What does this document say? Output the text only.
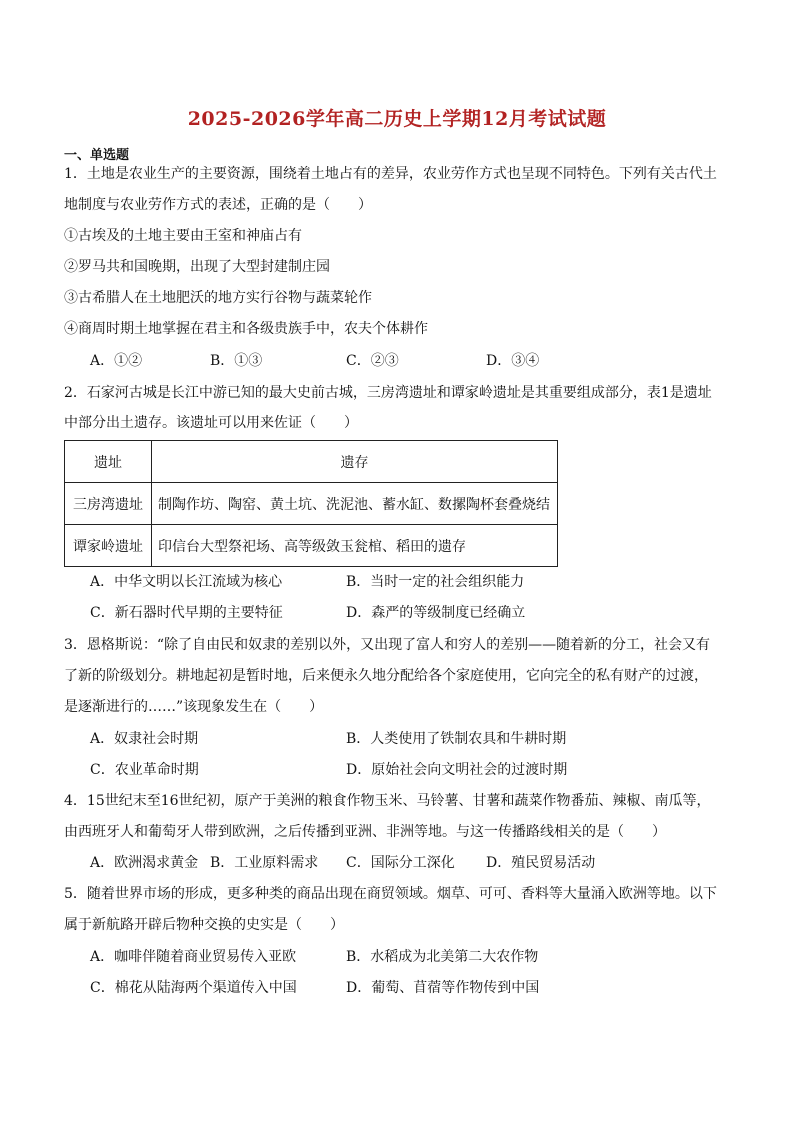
2025-2026学年高二历史上学期12月考试试题
一、单选题
1．土地是农业生产的主要资源，围绕着土地占有的差异，农业劳作方式也呈现不同特色。下列有关古代土
地制度与农业劳作方式的表述，正确的是（　　）
①古埃及的土地主要由王室和神庙占有
②罗马共和国晚期，出现了大型封建制庄园
③古希腊人在土地肥沃的地方实行谷物与蔬菜轮作
④商周时期土地掌握在君主和各级贵族手中，农夫个体耕作
A．①②	B．①③	C．②③	D．③④
2．石家河古城是长江中游已知的最大史前古城，三房湾遗址和谭家岭遗址是其重要组成部分，表1是遗址
中部分出土遗存。该遗址可以用来佐证（　　）
遗址	遗存
三房湾遗址	制陶作坊、陶窑、黄土坑、洗泥池、蓄水缸、数摞陶杯套叠烧结
谭家岭遗址	印信台大型祭祀场、高等级敛玉瓮棺、稻田的遗存
A．中华文明以长江流域为核心	B．当时一定的社会组织能力
C．新石器时代早期的主要特征	D．森严的等级制度已经确立
3．恩格斯说：“除了自由民和奴隶的差别以外，又出现了富人和穷人的差别——随着新的分工，社会又有
了新的阶级划分。耕地起初是暂时地，后来便永久地分配给各个家庭使用，它向完全的私有财产的过渡，
是逐渐进行的……”该现象发生在（　　）
A．奴隶社会时期	B．人类使用了铁制农具和牛耕时期
C．农业革命时期	D．原始社会向文明社会的过渡时期
4．15世纪末至16世纪初，原产于美洲的粮食作物玉米、马铃薯、甘薯和蔬菜作物番茄、辣椒、南瓜等，
由西班牙人和葡萄牙人带到欧洲，之后传播到亚洲、非洲等地。与这一传播路线相关的是（　　）
A．欧洲渴求黄金 B．工业原料需求 C．国际分工深化 D．殖民贸易活动
5．随着世界市场的形成，更多种类的商品出现在商贸领域。烟草、可可、香料等大量涌入欧洲等地。以下
属于新航路开辟后物种交换的史实是（　　）
A．咖啡伴随着商业贸易传入亚欧	B．水稻成为北美第二大农作物
C．棉花从陆海两个渠道传入中国	D．葡萄、苜蓿等作物传到中国
